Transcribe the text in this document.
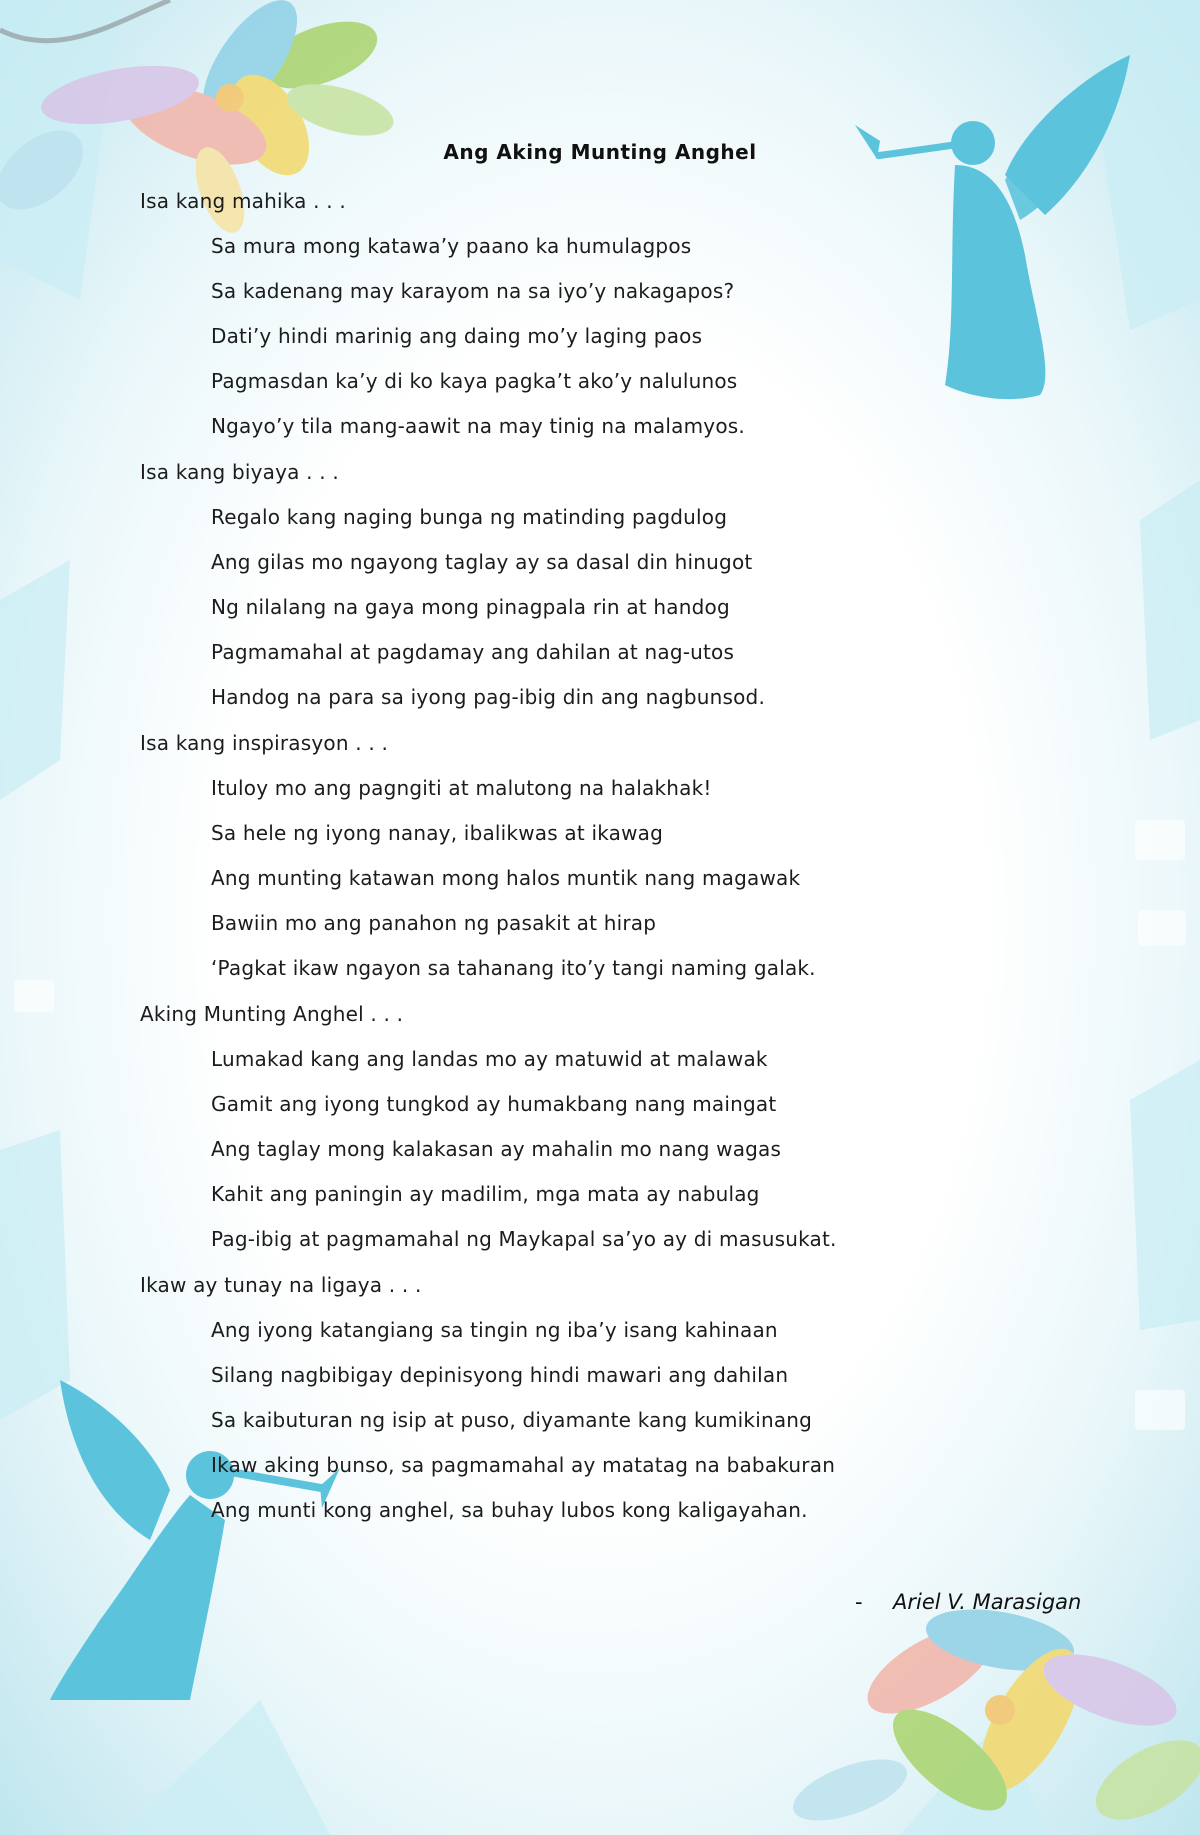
Ang Aking Munting Anghel
Isa kang mahika . . .
Sa mura mong katawa’y paano ka humulagpos
Sa kadenang may karayom na sa iyo’y nakagapos?
Dati’y hindi marinig ang daing mo’y laging paos
Pagmasdan ka’y di ko kaya pagka’t ako’y nalulunos
Ngayo’y tila mang-aawit na may tinig na malamyos.
Isa kang biyaya . . .
Regalo kang naging bunga ng matinding pagdulog
Ang gilas mo ngayong taglay ay sa dasal din hinugot
Ng nilalang na gaya mong pinagpala rin at handog
Pagmamahal at pagdamay ang dahilan at nag-utos
Handog na para sa iyong pag-ibig din ang nagbunsod.
Isa kang inspirasyon . . .
Ituloy mo ang pagngiti at malutong na halakhak!
Sa hele ng iyong nanay, ibalikwas at ikawag
Ang munting katawan mong halos muntik nang magawak
Bawiin mo ang panahon ng pasakit at hirap
‘Pagkat ikaw ngayon sa tahanang ito’y tangi naming galak.
Aking Munting Anghel . . .
Lumakad kang ang landas mo ay matuwid at malawak
Gamit ang iyong tungkod ay humakbang nang maingat
Ang taglay mong kalakasan ay mahalin mo nang wagas
Kahit ang paningin ay madilim, mga mata ay nabulag
Pag-ibig at pagmamahal ng Maykapal sa’yo ay di masusukat.
Ikaw ay tunay na ligaya . . .
Ang iyong katangiang sa tingin ng iba’y isang kahinaan
Silang nagbibigay depinisyong hindi mawari ang dahilan
Sa kaibuturan ng isip at puso, diyamante kang kumikinang
Ikaw aking bunso, sa pagmamahal ay matatag na babakuran
Ang munti kong anghel, sa buhay lubos kong kaligayahan.
- Ariel V. Marasigan
